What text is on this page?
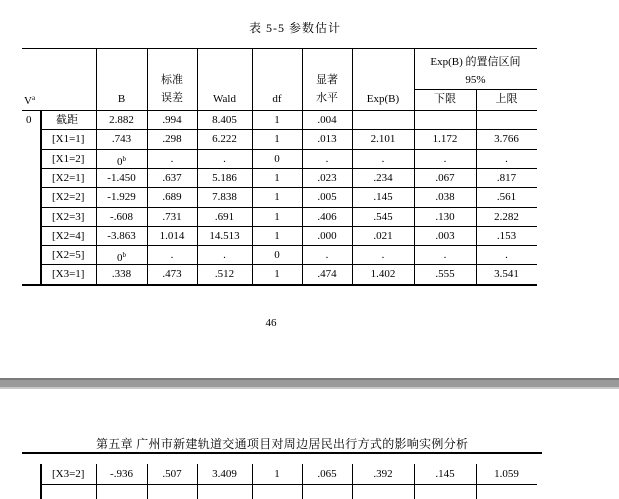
表 5-5 参数估计
$V^a$	B
标准
误差	Wald	df
显著
水平	Exp(B)
Exp(B) 的置信区间
95%
下限	上限
0 截距	2.882	.994	8.405	1	.004
[X1=1]	.743	.298	6.222	1	.013	2.101	1.172	3.766
[X1=2]	0$^b$	.	.	0	.	.	.	.
[X2=1]	-1.450	.637	5.186	1	.023	.234	.067	.817
[X2=2]	-1.929	.689	7.838	1	.005	.145	.038	.561
[X2=3]	-.608	.731	.691	1	.406	.545	.130	2.282
[X2=4]	-3.863	1.014	14.513	1	.000	.021	.003	.153
[X2=5]	0$^b$	.	.	0	.	.	.	.
[X3=1]	.338	.473	.512	1	.474	1.402	.555	3.541
46
第五章 广州市新建轨道交通项目对周边居民出行方式的影响实例分析
[X3=2]	-.936	.507	3.409	1	.065	.392	.145	1.059
